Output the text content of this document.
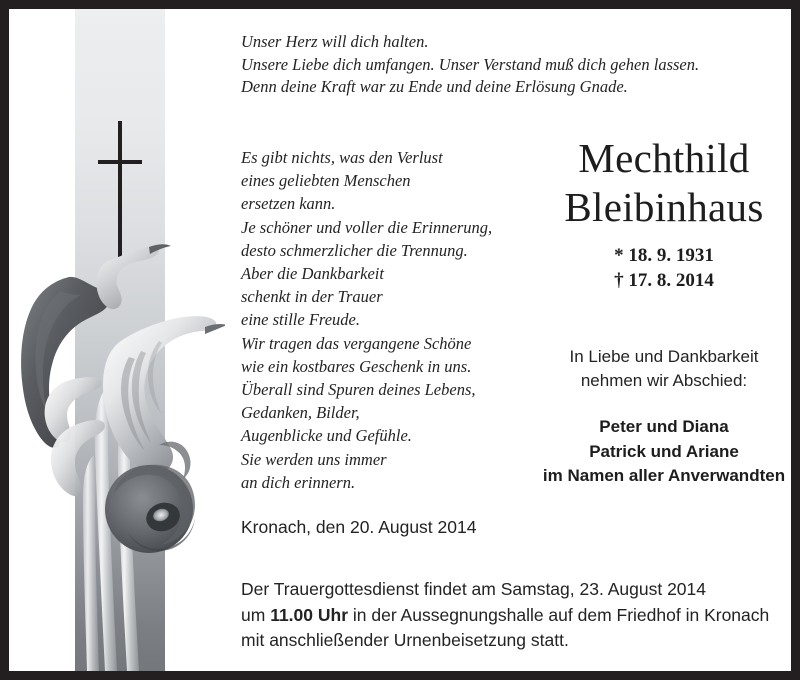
Unser Herz will dich halten.
Unsere Liebe dich umfangen. Unser Verstand muß dich gehen lassen.
Denn deine Kraft war zu Ende und deine Erlösung Gnade.
Es gibt nichts, was den Verlust
eines geliebten Menschen
ersetzen kann.
Je schöner und voller die Erinnerung,
desto schmerzlicher die Trennung.
Aber die Dankbarkeit
schenkt in der Trauer
eine stille Freude.
Wir tragen das vergangene Schöne
wie ein kostbares Geschenk in uns.
Überall sind Spuren deines Lebens,
Gedanken, Bilder,
Augenblicke und Gefühle.
Sie werden uns immer
an dich erinnern.
Mechthild
Bleibinhaus
* 18. 9. 1931
† 17. 8. 2014
In Liebe und Dankbarkeit
nehmen wir Abschied:
Peter und Diana
Patrick und Ariane
im Namen aller Anverwandten
Kronach, den 20. August 2014
Der Trauergottesdienst findet am Samstag, 23. August 2014
um 11.00 Uhr in der Aussegnungshalle auf dem Friedhof in Kronach
mit anschließender Urnenbeisetzung statt.
